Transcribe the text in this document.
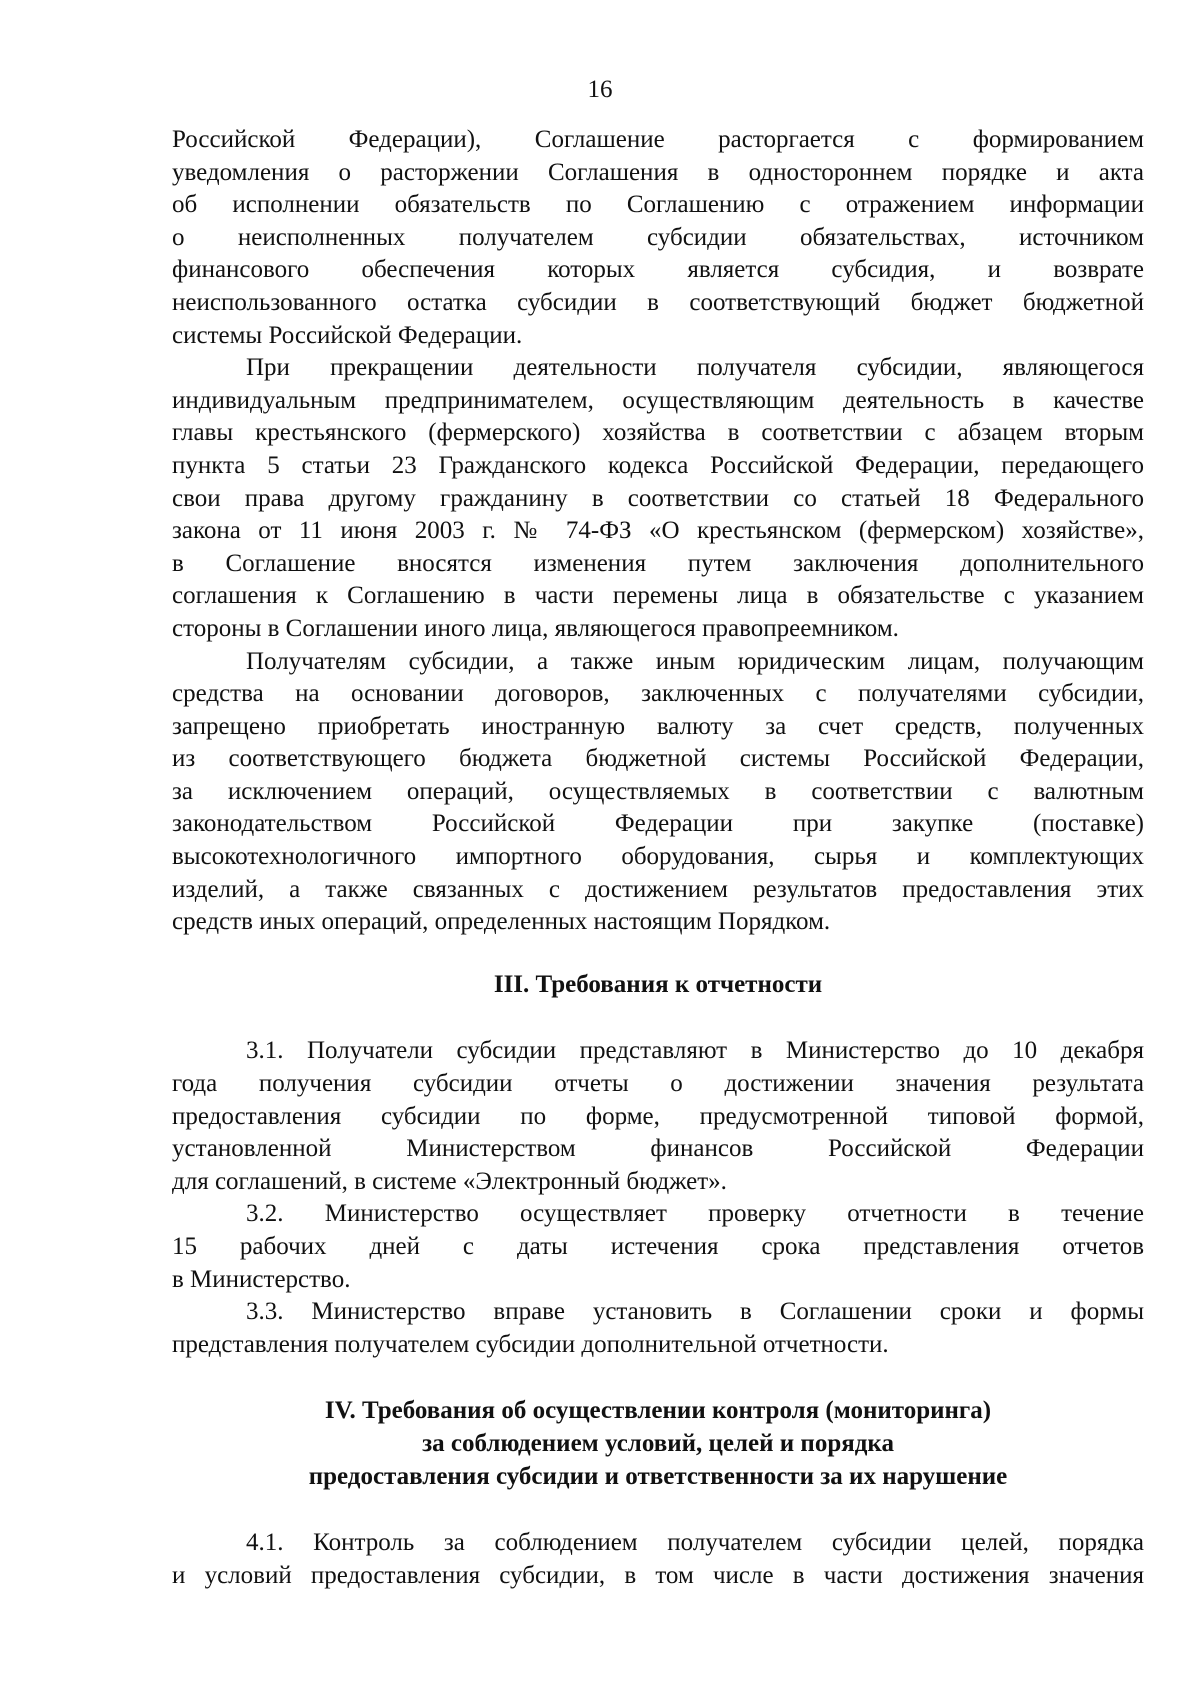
16
Российской Федерации), Соглашение расторгается с формированием
уведомления о расторжении Соглашения в одностороннем порядке и акта
об исполнении обязательств по Соглашению с отражением информации
о неисполненных получателем субсидии обязательствах, источником
финансового обеспечения которых является субсидия, и возврате
неиспользованного остатка субсидии в соответствующий бюджет бюджетной
системы Российской Федерации.
При прекращении деятельности получателя субсидии, являющегося
индивидуальным предпринимателем, осуществляющим деятельность в качестве
главы крестьянского (фермерского) хозяйства в соответствии с абзацем вторым
пункта 5 статьи 23 Гражданского кодекса Российской Федерации, передающего
свои права другому гражданину в соответствии со статьей 18 Федерального
закона от 11 июня 2003 г. № 74-ФЗ «О крестьянском (фермерском) хозяйстве»,
в Соглашение вносятся изменения путем заключения дополнительного
соглашения к Соглашению в части перемены лица в обязательстве с указанием
стороны в Соглашении иного лица, являющегося правопреемником.
Получателям субсидии, а также иным юридическим лицам, получающим
средства на основании договоров, заключенных с получателями субсидии,
запрещено приобретать иностранную валюту за счет средств, полученных
из соответствующего бюджета бюджетной системы Российской Федерации,
за исключением операций, осуществляемых в соответствии с валютным
законодательством Российской Федерации при закупке (поставке)
высокотехнологичного импортного оборудования, сырья и комплектующих
изделий, а также связанных с достижением результатов предоставления этих
средств иных операций, определенных настоящим Порядком.
III. Требования к отчетности
3.1. Получатели субсидии представляют в Министерство до 10 декабря
года получения субсидии отчеты о достижении значения результата
предоставления субсидии по форме, предусмотренной типовой формой,
установленной Министерством финансов Российской Федерации
для соглашений, в системе «Электронный бюджет».
3.2. Министерство осуществляет проверку отчетности в течение
15 рабочих дней с даты истечения срока представления отчетов
в Министерство.
3.3. Министерство вправе установить в Соглашении сроки и формы
представления получателем субсидии дополнительной отчетности.
IV. Требования об осуществлении контроля (мониторинга)
за соблюдением условий, целей и порядка
предоставления субсидии и ответственности за их нарушение
4.1. Контроль за соблюдением получателем субсидии целей, порядка
и условий предоставления субсидии, в том числе в части достижения значения
